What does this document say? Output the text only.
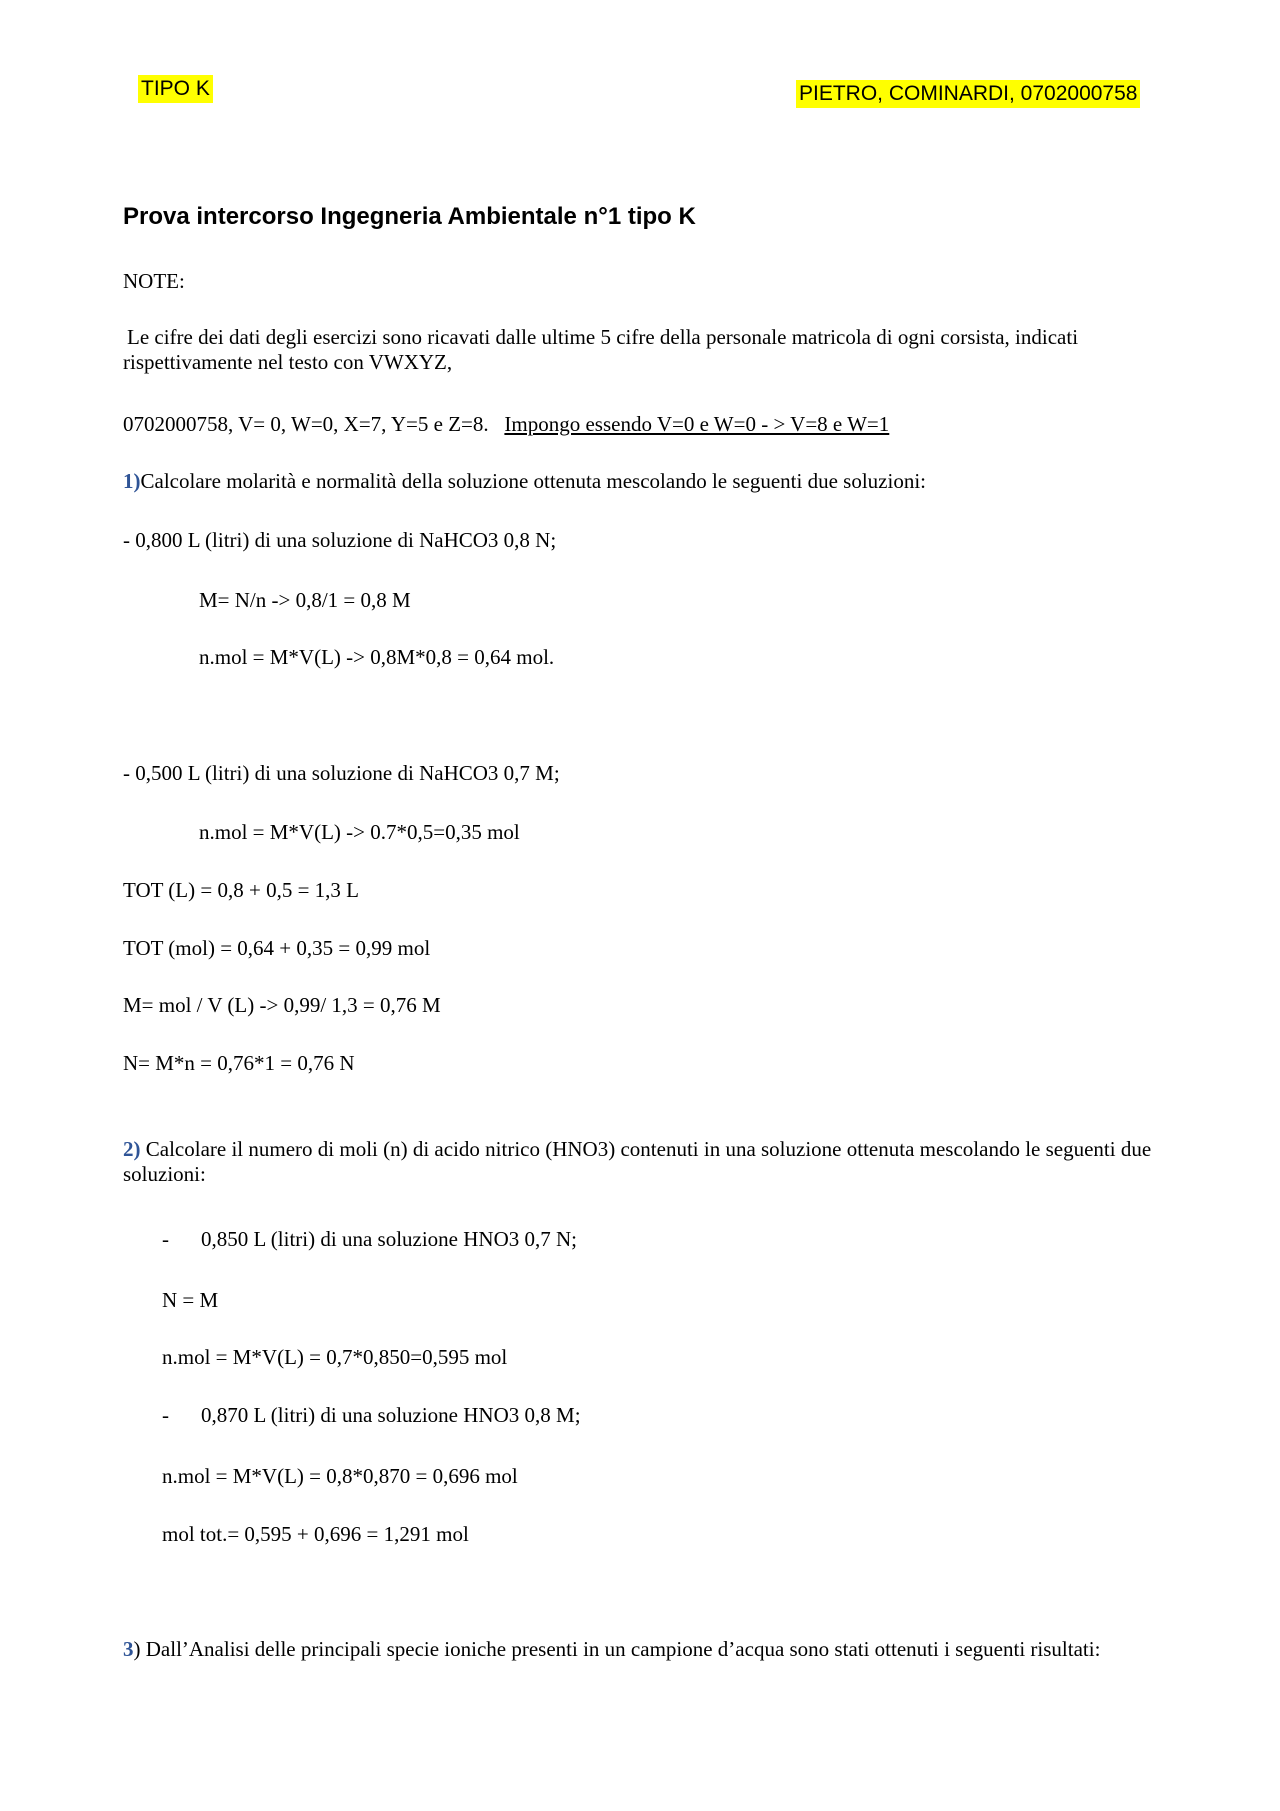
TIPO K	PIETRO, COMINARDI, 0702000758
Prova intercorso Ingegneria Ambientale n°1 tipo K
NOTE:
Le cifre dei dati degli esercizi sono ricavati dalle ultime 5 cifre della personale matricola di ogni corsista, indicati rispettivamente nel testo con VWXYZ,
0702000758, V= 0, W=0, X=7, Y=5 e Z=8. Impongo essendo V=0 e W=0 - > V=8 e W=1
1)Calcolare molarità e normalità della soluzione ottenuta mescolando le seguenti due soluzioni:
- 0,800 L (litri) di una soluzione di NaHCO3 0,8 N;
M= N/n -> 0,8/1 = 0,8 M
n.mol = M*V(L) -> 0,8M*0,8 = 0,64 mol.
- 0,500 L (litri) di una soluzione di NaHCO3 0,7 M;
n.mol = M*V(L) -> 0.7*0,5=0,35 mol
TOT (L) = 0,8 + 0,5 = 1,3 L
TOT (mol) = 0,64 + 0,35 = 0,99 mol
M= mol / V (L) -> 0,99/ 1,3 = 0,76 M
N= M*n = 0,76*1 = 0,76 N
2) Calcolare il numero di moli (n) di acido nitrico (HNO3) contenuti in una soluzione ottenuta mescolando le seguenti due soluzioni:
- 0,850 L (litri) di una soluzione HNO3 0,7 N;
N = M
n.mol = M*V(L) = 0,7*0,850=0,595 mol
- 0,870 L (litri) di una soluzione HNO3 0,8 M;
n.mol = M*V(L) = 0,8*0,870 = 0,696 mol
mol tot.= 0,595 + 0,696 = 1,291 mol
3) Dall’Analisi delle principali specie ioniche presenti in un campione d’acqua sono stati ottenuti i seguenti risultati:
